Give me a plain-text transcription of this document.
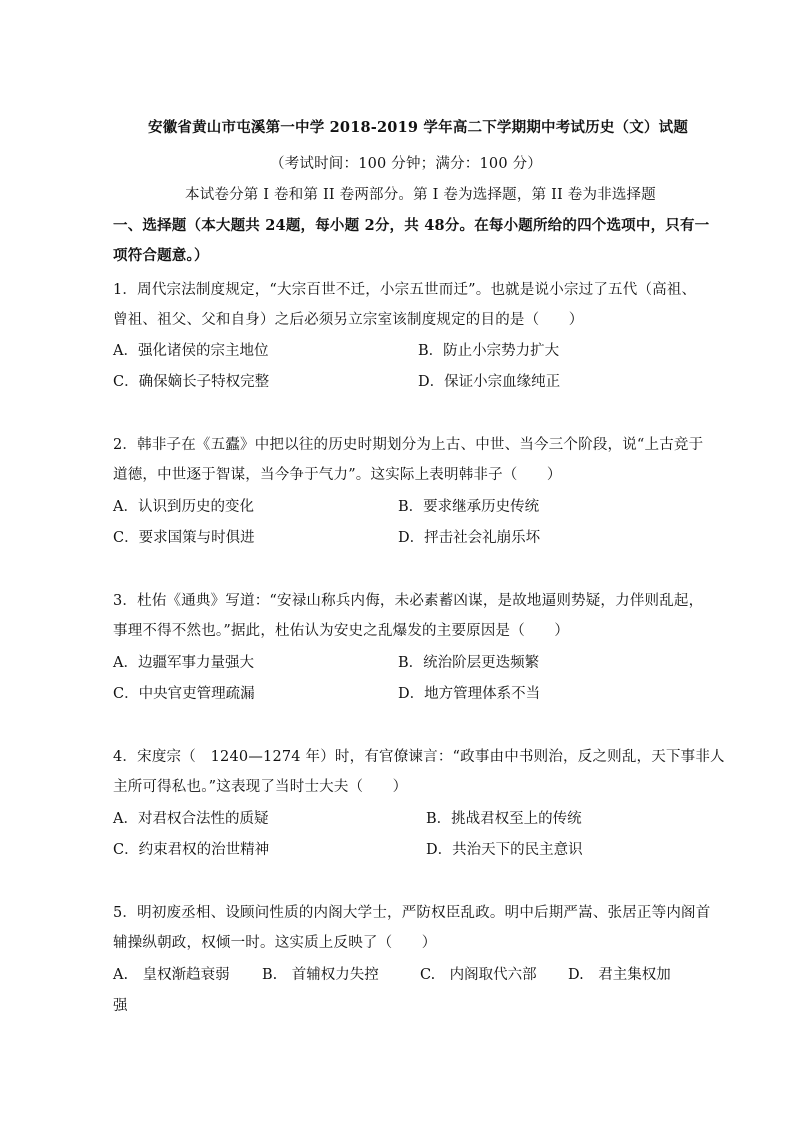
安徽省黄山市屯溪第一中学 2018-2019 学年高二下学期期中考试历史（文）试题
（考试时间：100 分钟；满分：100 分）
本试卷分第 I 卷和第 II 卷两部分。第 I 卷为选择题，第 II 卷为非选择题
一、选择题（本大题共 24题，每小题 2分，共 48分。在每小题所给的四个选项中，只有一
项符合题意。）
1．周代宗法制度规定，“大宗百世不迁，小宗五世而迁”。也就是说小宗过了五代（高祖、
曾祖、祖父、父和自身）之后必须另立宗室该制度规定的目的是（　　）
A．强化诸侯的宗主地位	B．防止小宗势力扩大
C．确保嫡长子特权完整	D．保证小宗血缘纯正
2．韩非子在《五蠹》中把以往的历史时期划分为上古、中世、当今三个阶段，说“上古竞于
道德，中世逐于智谋，当今争于气力”。这实际上表明韩非子（　　）
A．认识到历史的变化	B．要求继承历史传统
C．要求国策与时俱进	D．抨击社会礼崩乐坏
3．杜佑《通典》写道：“安禄山称兵内侮，未必素蓄凶谋，是故地逼则势疑，力伴则乱起，
事理不得不然也。”据此，杜佑认为安史之乱爆发的主要原因是（　　）
A．边疆军事力量强大	B．统治阶层更迭频繁
C．中央官吏管理疏漏	D．地方管理体系不当
4．宋度宗（　1240—1274 年）时，有官僚谏言：“政事由中书则治，反之则乱，天下事非人
主所可得私也。”这表现了当时士大夫（　　）
A．对君权合法性的质疑	B．挑战君权至上的传统
C．约束君权的治世精神	D．共治天下的民主意识
5．明初废丞相、设顾问性质的内阁大学士，严防权臣乱政。明中后期严嵩、张居正等内阁首
辅操纵朝政，权倾一时。这实质上反映了（　　）
A.　皇权渐趋衰弱 B.　首辅权力失控	C.　内阁取代六部 D.　君主集权加
强
